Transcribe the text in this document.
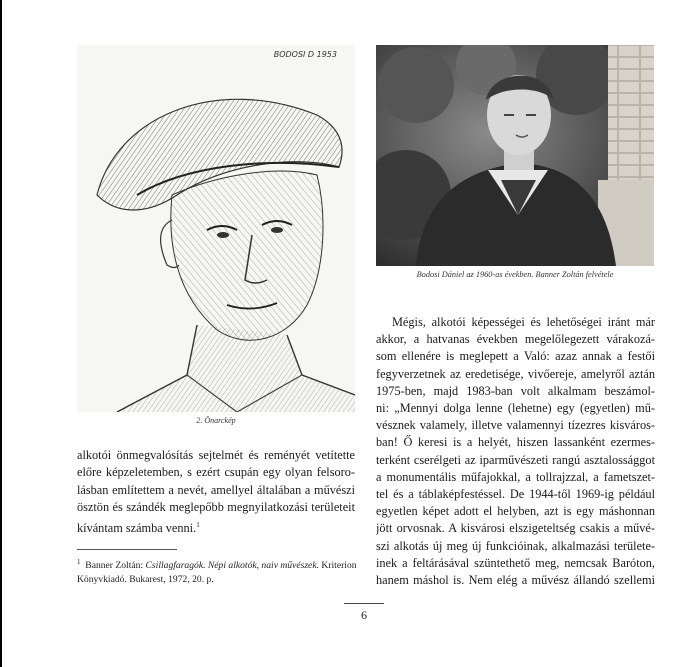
BODOSI D 1953
2. Önarckép
alkotói önmegvalósítás sejtelmét és reményét vetítette
előre képzeletemben, s ezért csupán egy olyan felsoro-
lásban említettem a nevét, amellyel általában a művészi
ösztön és szándék meglepőbb megnyilatkozási területeit
kívántam számba venni.$^1$
$^1$ Banner Zoltán: Csillagfaragók. Népi alkotók, naiv művészek. Kriterion
Könyvkiadó. Bukarest, 1972, 20. p.
Bodosi Dániel az 1960-as években. Banner Zoltán felvétele
Mégis, alkotói képességei és lehetőségei iránt már
akkor, a hatvanas években megelőlegezett várakozá-
som ellenére is meglepett a Való: azaz annak a festői
fegyverzetnek az eredetisége, vivőereje, amelyről aztán
1975-ben, majd 1983-ban volt alkalmam beszámol-
ni: „Mennyi dolga lenne (lehetne) egy (egyetlen) mű-
vésznek valamely, illetve valamennyi tízezres kisváros-
ban! Ő keresi is a helyét, hiszen lassanként ezermes-
terként cserélgeti az iparművészeti rangú asztalossággot
a monumentális műfajokkal, a tollrajzzal, a fametszet-
tel és a táblaképfestéssel. De 1944-től 1969-ig például
egyetlen képet adott el helyben, azt is egy máshonnan
jött orvosnak. A kisvárosi elszigeteltség csakis a művé-
szi alkotás új meg új funkcióinak, alkalmazási területe-
inek a feltárásával szüntethető meg, nemcsak Baróton,
hanem máshol is. Nem elég a művész állandó szellemi
6
